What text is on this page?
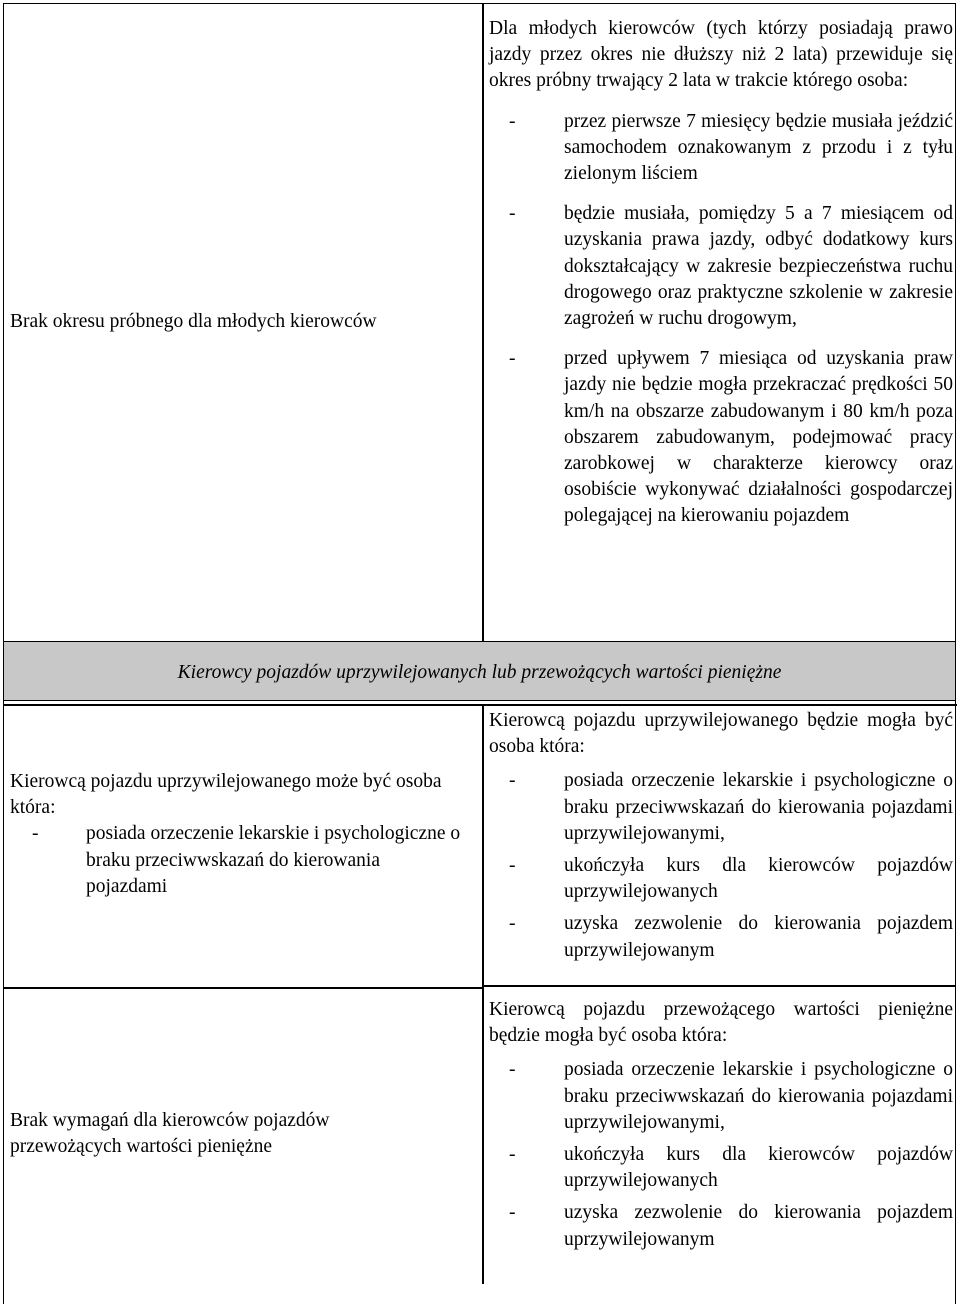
Brak okresu próbnego dla młodych kierowców

Dla młodych kierowców (tych którzy posiadają prawo jazdy przez okres nie dłuższy niż 2 lata) przewiduje się okres próbny trwający 2 lata w trakcie którego osoba:

- przez pierwsze 7 miesięcy będzie musiała jeździć samochodem oznakowanym z przodu i z tyłu zielonym liściem
- będzie musiała, pomiędzy 5 a 7 miesiącem od uzyskania prawa jazdy, odbyć dodatkowy kurs dokształcający w zakresie bezpieczeństwa ruchu drogowego oraz praktyczne szkolenie w zakresie zagrożeń w ruchu drogowym,
- przed upływem 7 miesiąca od uzyskania praw jazdy nie będzie mogła przekraczać prędkości 50 km/h na obszarze zabudowanym i 80 km/h poza obszarem zabudowanym, podejmować pracy zarobkowej w charakterze kierowcy oraz osobiście wykonywać działalności gospodarczej polegającej na kierowaniu pojazdem
Kierowcy pojazdów uprzywilejowanych lub przewożących wartości pieniężne

Kierowcą pojazdu uprzywilejowanego może być osoba która:

- posiada orzeczenie lekarskie i psychologiczne o braku przeciwwskazań do kierowania pojazdami

Kierowcą pojazdu uprzywilejowanego będzie mogła być osoba która:

- posiada orzeczenie lekarskie i psychologiczne o braku przeciwwskazań do kierowania pojazdami uprzywilejowanymi,
- ukończyła kurs dla kierowców pojazdów uprzywilejowanych
- uzyska zezwolenie do kierowania pojazdem uprzywilejowanym

Brak wymagań dla kierowców pojazdów przewożących wartości pieniężne

Kierowcą pojazdu przewożącego wartości pieniężne będzie mogła być osoba która:

- posiada orzeczenie lekarskie i psychologiczne o braku przeciwwskazań do kierowania pojazdami uprzywilejowanymi,
- ukończyła kurs dla kierowców pojazdów uprzywilejowanych
- uzyska zezwolenie do kierowania pojazdem uprzywilejowanym
